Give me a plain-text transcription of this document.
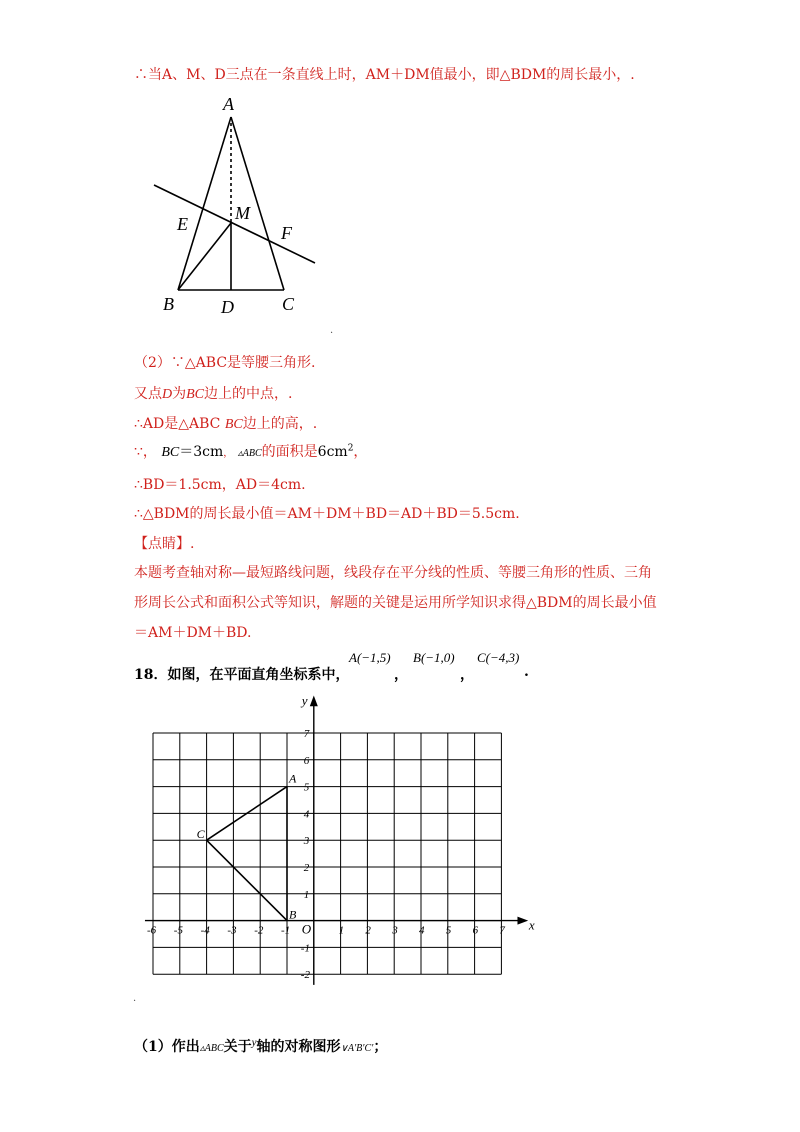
∴当A、M、D三点在一条直线上时，AM＋DM值最小，即△BDM的周长最小，.
A
M
E	F
B	D	C
·
（2）∵△ABC是等腰三角形.
又点D为BC边上的中点，.
∴AD是△ABC BC边上的高，.
∵， BC＝3cm， ▵ABC的面积是$6cm^2$，
∴BD＝1.5cm，AD＝4cm.
∴△BDM的周长最小值＝AM＋DM＋BD＝AD＋BD＝5.5cm.
【点睛】.
本题考查轴对称—最短路线问题，线段存在平分线的性质、等腰三角形的性质、三角
形周长公式和面积公式等知识，解题的关键是运用所学知识求得△BDM的周长最小值
＝AM＋DM＋BD.
18．如图，在平面直角坐标系中，
A(−1,5)
，
B(−1,0)
，
C(−4,3)
.
x
y
O
-6 -5 -4 -3 -2 -1	1 2 3 4 5 6 7
7
6
5
4
3
2
1
-1
-2
A
B
C
·
（1）作出▵ABC关于$^y$轴的对称图形∨A′B′C′；
